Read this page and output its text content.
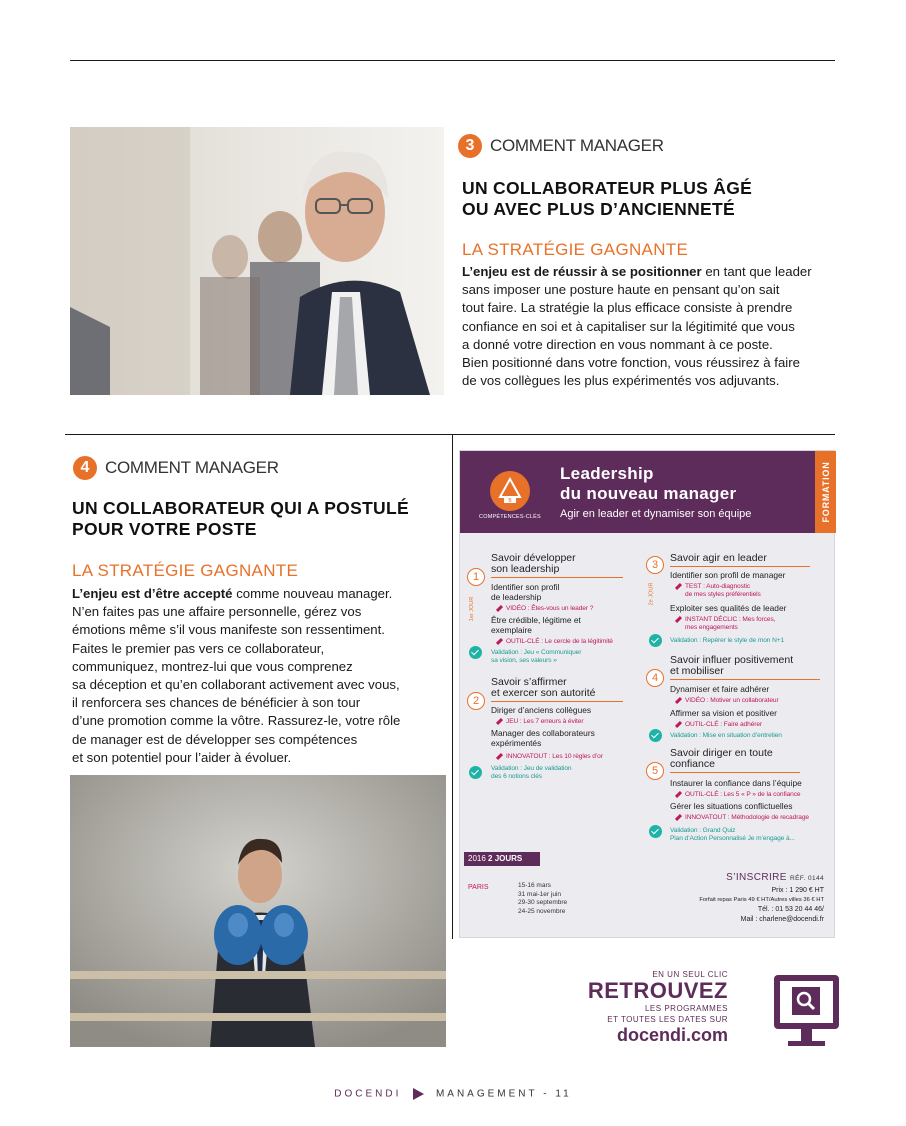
3 COMMENT MANAGER
UN COLLABORATEUR PLUS ÂGÉ
OU AVEC PLUS D’ANCIENNETÉ
LA STRATÉGIE GAGNANTE
L’enjeu est de réussir à se positionner en tant que leader
sans imposer une posture haute en pensant qu’on sait
tout faire. La stratégie la plus efficace consiste à prendre
confiance en soi et à capitaliser sur la légitimité que vous
a donné votre direction en vous nommant à ce poste.
Bien positionné dans votre fonction, vous réussirez à faire
de vos collègues les plus expérimentés vos adjuvants.
4 COMMENT MANAGER
UN COLLABORATEUR QUI A POSTULÉ
POUR VOTRE POSTE
LA STRATÉGIE GAGNANTE
L’enjeu est d’être accepté comme nouveau manager.
N’en faites pas une affaire personnelle, gérez vos
émotions même s’il vous manifeste son ressentiment.
Faites le premier pas vers ce collaborateur,
communiquez, montrez-lui que vous comprenez
sa déception et qu’en collaborant activement avec vous,
il renforcera ses chances de bénéficier à son tour
d’une promotion comme la vôtre. Rassurez-le, votre rôle
de manager est de développer ses compétences
et son potentiel pour l’aider à évoluer.
B
COMPÉTENCES-CLÉS
Leadership
du nouveau manager
Agir en leader et dynamiser son équipe	FORMATION
1er JOUR
1
Savoir développer
son leadership
Identifier son profil
de leadership
VIDÉO : Êtes-vous un leader ?
Être crédible, légitime et
exemplaire
OUTIL-CLÉ : Le cercle de la légitimité
Validation : Jeu « Communiquer
sa vision, ses valeurs »
2
Savoir s’affirmer
et exercer son autorité
Diriger d’anciens collègues
JEU : Les 7 erreurs à éviter
Manager des collaborateurs
expérimentés
INNOVATOUT : Les 10 règles d’or
Validation : Jeu de validation
des 6 notions clés
2e JOUR
3
Savoir agir en leader
Identifier son profil de manager
TEST : Auto-diagnostic
de mes styles préférentiels
Exploiter ses qualités de leader
INSTANT DÉCLIC : Mes forces,
mes engagements
Validation : Repérer le style de mon N+1
4
Savoir influer positivement
et mobiliser
Dynamiser et faire adhérer
VIDÉO : Motiver un collaborateur
Affirmer sa vision et positiver
OUTIL-CLÉ : Faire adhérer
Validation : Mise en situation d’entretien
5
Savoir diriger en toute
confiance
Instaurer la confiance dans l’équipe
OUTIL-CLÉ : Les 5 « P » de la confiance
Gérer les situations conflictuelles
INNOVATOUT : Méthodologie de recadrage
Validation : Grand Quiz
Plan d’Action Personnalisé Je m’engage à...
2016 2 JOURS
PARIS	15-16 mars
31 mai-1er juin
29-30 septembre
24-25 novembre
S’INSCRIRE RÉF. 0144
Prix : 1 290 € HT
Forfait repas Paris 49 € HT/Autres villes 36 € HT
Tél. : 01 53 20 44 46/
Mail : charlene@docendi.fr
EN UN SEUL CLIC
RETROUVEZ
LES PROGRAMMES
ET TOUTES LES DATES SUR
docendi.com
DOCENDI	MANAGEMENT - 11
